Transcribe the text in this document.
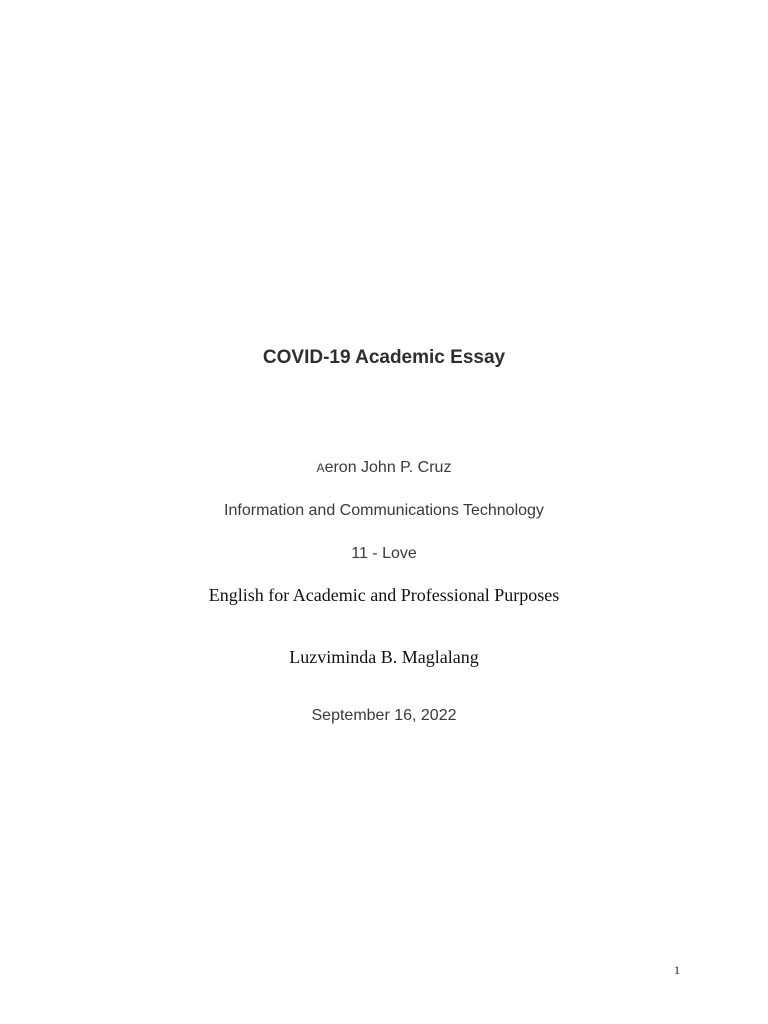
COVID-19 Academic Essay
Aeron John P. Cruz
Information and Communications Technology
11 - Love
English for Academic and Professional Purposes
Luzviminda B. Maglalang
September 16, 2022
1
